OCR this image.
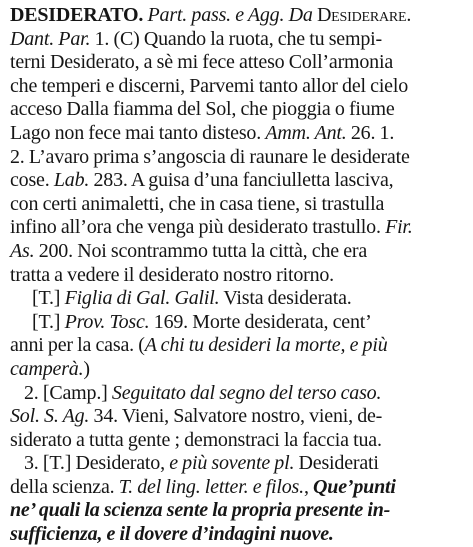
DESIDERATO. Part. pass. e Agg. Da Desiderare.
Dant. Par. 1. (C) Quando la ruota, che tu sempi-
terni Desiderato, a sè mi fece atteso Coll’armonia
che temperi e discerni, Parvemi tanto allor del cielo
acceso Dalla fiamma del Sol, che pioggia o fiume
Lago non fece mai tanto disteso. Amm. Ant. 26. 1.
2. L’avaro prima s’angoscia di raunare le desiderate
cose. Lab. 283. A guisa d’una fanciulletta lasciva,
con certi animaletti, che in casa tiene, si trastulla
infino all’ora che venga più desiderato trastullo. Fir.
As. 200. Noi scontrammo tutta la città, che era
tratta a vedere il desiderato nostro ritorno.
[T.] Figlia di Gal. Galil. Vista desiderata.
[T.] Prov. Tosc. 169. Morte desiderata, cent’
anni per la casa. (A chi tu desideri la morte, e più
camperà.)
2. [Camp.] Seguitato dal segno del terso caso.
Sol. S. Ag. 34. Vieni, Salvatore nostro, vieni, de-
siderato a tutta gente ; demonstraci la faccia tua.
3. [T.] Desiderato, e più sovente pl. Desiderati
della scienza. T. del ling. letter. e filos., Que’punti
ne’ quali la scienza sente la propria presente in-
sufficienza, e il dovere d’indagini nuove.
